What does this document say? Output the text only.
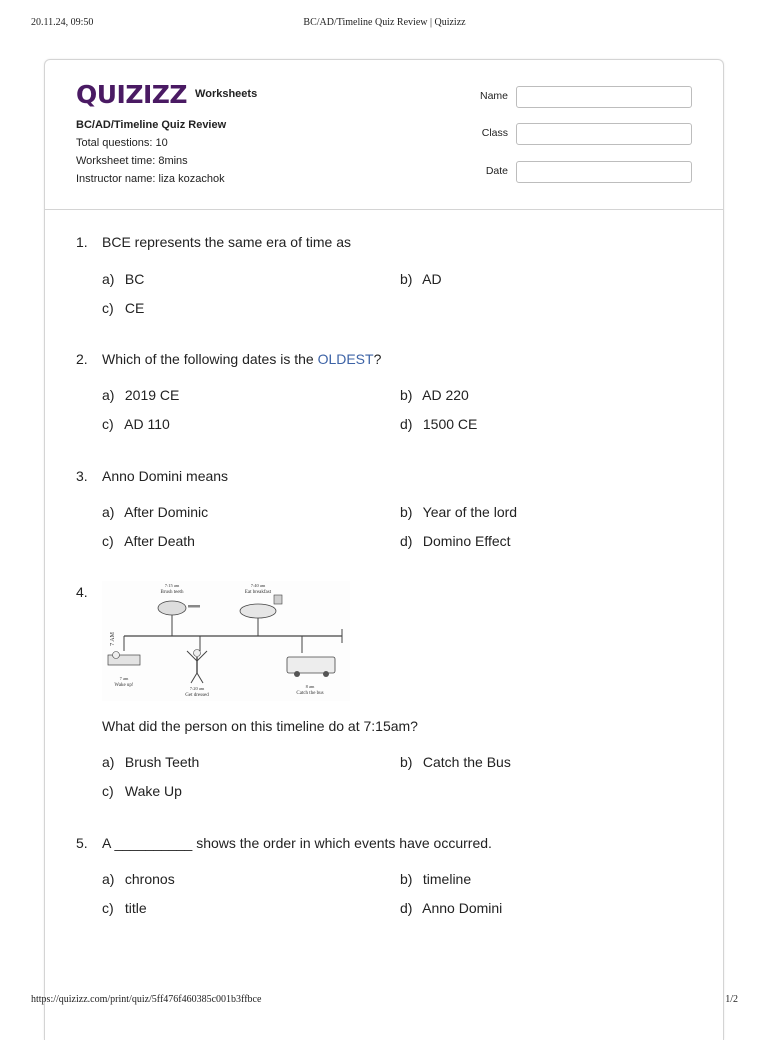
20.11.24, 09:50	BC/AD/Timeline Quiz Review | Quizizz
QUIZIZZ Worksheets
BC/AD/Timeline Quiz Review
Total questions: 10
Worksheet time: 8mins
Instructor name: liza kozachok
Name
Class
Date
1. BCE represents the same era of time as
a) BC	b) AD
c) CE
2. Which of the following dates is the OLDEST?
a) 2019 CE	b) AD 220
c) AD 110	d) 1500 CE
3. Anno Domini means
a) After Dominic	b) Year of the lord
c) After Death	d) Domino Effect
4.	7:15 am
Brush teeth
7:40 am
Eat breakfast
7 AM
7 am
Wake up!
7:20 am
Get dressed
8 am
Catch the bus
What did the person on this timeline do at 7:15am?
a) Brush Teeth	b) Catch the Bus
c) Wake Up
5. A __________ shows the order in which events have occurred.
a) chronos	b) timeline
c) title	d) Anno Domini
https://quizizz.com/print/quiz/5ff476f460385c001b3ffbce	1/2
